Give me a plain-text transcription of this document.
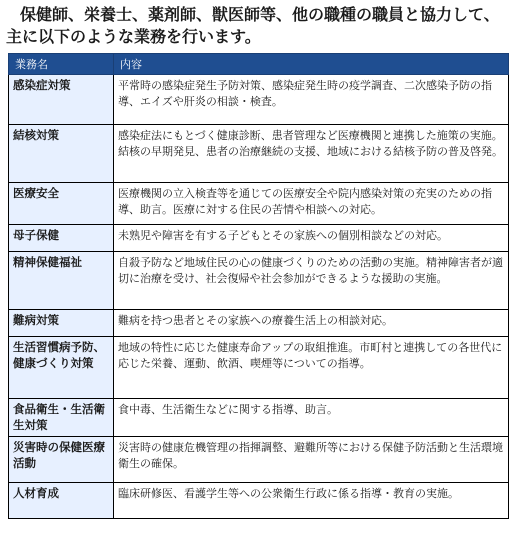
保健師、栄養士、薬剤師、獣医師等、他の職種の職員と協力して、
主に以下のような業務を行います。
業務名	内容
感染症対策	平常時の感染症発生予防対策、感染症発生時の疫学調査、二次感染予防の指導、エイズや肝炎の相談・検査。
結核対策	感染症法にもとづく健康診断、患者管理など医療機関と連携した施策の実施。結核の早期発見、患者の治療継続の支援、地域における結核予防の普及啓発。
医療安全	医療機関の立入検査等を通じての医療安全や院内感染対策の充実のための指導、助言。医療に対する住民の苦情や相談への対応。
母子保健	未熟児や障害を有する子どもとその家族への個別相談などの対応。
精神保健福祉	自殺予防など地域住民の心の健康づくりのための活動の実施。精神障害者が適切に治療を受け、社会復帰や社会参加ができるような援助の実施。
難病対策	難病を持つ患者とその家族への療養生活上の相談対応。
生活習慣病予防、健康づくり対策	地域の特性に応じた健康寿命アップの取組推進。市町村と連携しての各世代に応じた栄養、運動、飲酒、喫煙等についての指導。
食品衛生・生活衛生対策	食中毒、生活衛生などに関する指導、助言。
災害時の保健医療活動	災害時の健康危機管理の指揮調整、避難所等における保健予防活動と生活環境衛生の確保。
人材育成	臨床研修医、看護学生等への公衆衛生行政に係る指導・教育の実施。
